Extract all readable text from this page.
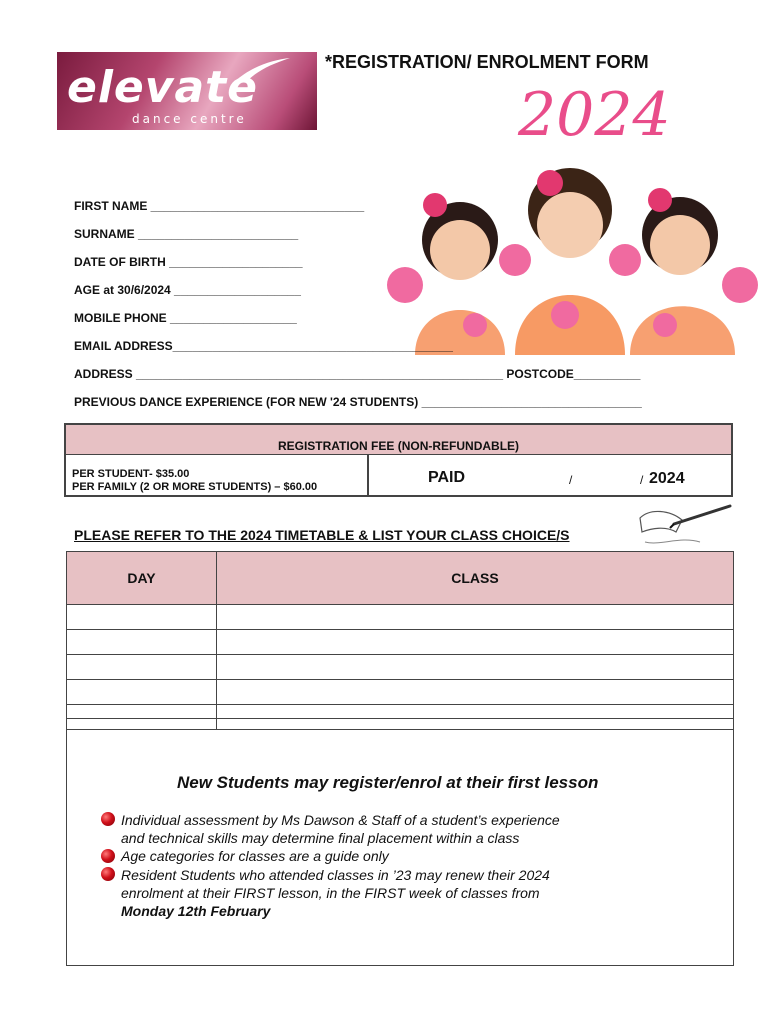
elevate
dance centre
*REGISTRATION/ ENROLMENT FORM
2024
FIRST NAME ________________________________
SURNAME ________________________
DATE OF BIRTH ____________________
AGE at 30/6/2024 ___________________
MOBILE PHONE ___________________
EMAIL ADDRESS__________________________________________
ADDRESS _______________________________________________________ POSTCODE__________
PREVIOUS DANCE EXPERIENCE (FOR NEW '24 STUDENTS) _________________________________
REGISTRATION FEE (NON-REFUNDABLE)
PER STUDENT- $35.00
PER FAMILY (2 OR MORE STUDENTS) – $60.00
PAID	/	/ 2024
PLEASE REFER TO THE 2024 TIMETABLE & LIST YOUR CLASS CHOICE/S
DAY	CLASS

New Students may register/enrol at their first lesson
Individual assessment by Ms Dawson & Staff of a student’s experience
and technical skills may determine final placement within a class
Age categories for classes are a guide only
Resident Students who attended classes in ’23 may renew their 2024
enrolment at their FIRST lesson, in the FIRST week of classes from
Monday 12th February
